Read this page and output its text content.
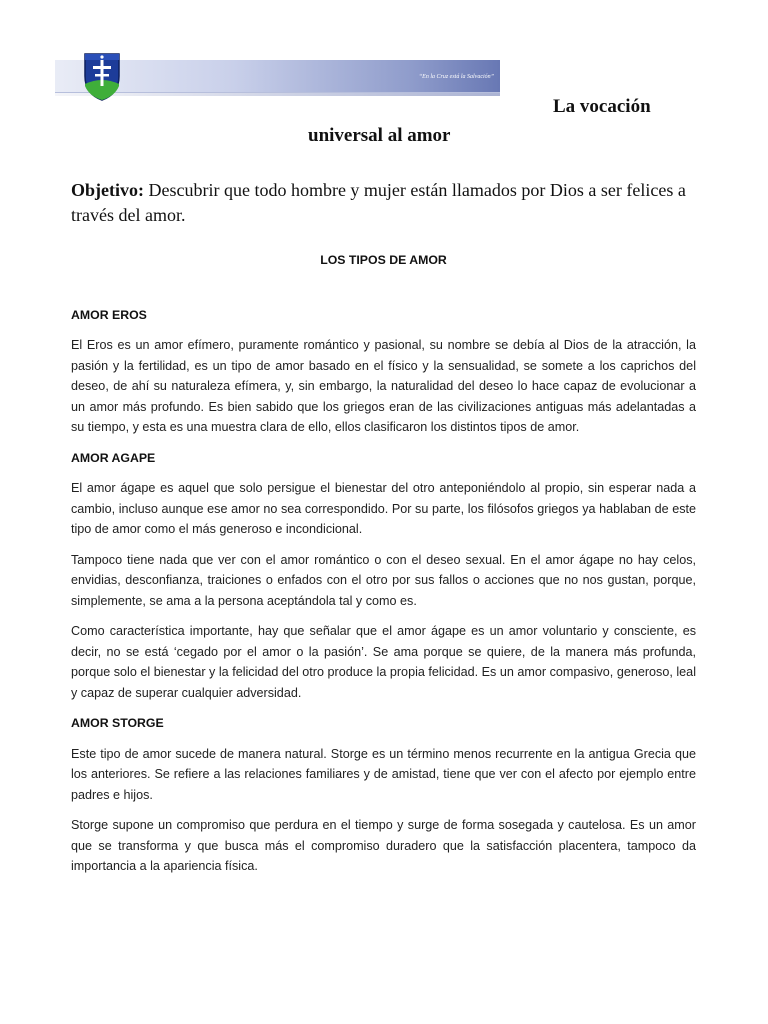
“En la Cruz está la Salvación”

La vocación

universal al amor

Objetivo: Descubrir que todo hombre y mujer están llamados por Dios a ser felices a través del amor.

LOS TIPOS DE AMOR

AMOR EROS

El Eros es un amor efímero, puramente romántico y pasional, su nombre se debía al Dios de la atracción, la pasión y la fertilidad, es un tipo de amor basado en el físico y la sensualidad, se somete a los caprichos del deseo, de ahí su naturaleza efímera, y, sin embargo, la naturalidad del deseo lo hace capaz de evolucionar a un amor más profundo. Es bien sabido que los griegos eran de las civilizaciones antiguas más adelantadas a su tiempo, y esta es una muestra clara de ello, ellos clasificaron los distintos tipos de amor.

AMOR AGAPE

El amor ágape es aquel que solo persigue el bienestar del otro anteponiéndolo al propio, sin esperar nada a cambio, incluso aunque ese amor no sea correspondido. Por su parte, los filósofos griegos ya hablaban de este tipo de amor como el más generoso e incondicional.

Tampoco tiene nada que ver con el amor romántico o con el deseo sexual. En el amor ágape no hay celos, envidias, desconfianza, traiciones o enfados con el otro por sus fallos o acciones que no nos gustan, porque, simplemente, se ama a la persona aceptándola tal y como es.

Como característica importante, hay que señalar que el amor ágape es un amor voluntario y consciente, es decir, no se está ‘cegado por el amor o la pasión’. Se ama porque se quiere, de la manera más profunda, porque solo el bienestar y la felicidad del otro produce la propia felicidad. Es un amor compasivo, generoso, leal y capaz de superar cualquier adversidad.

AMOR STORGE

Este tipo de amor sucede de manera natural. Storge es un término menos recurrente en la antigua Grecia que los anteriores. Se refiere a las relaciones familiares y de amistad, tiene que ver con el afecto por ejemplo entre padres e hijos.

Storge supone un compromiso que perdura en el tiempo y surge de forma sosegada y cautelosa. Es un amor que se transforma y que busca más el compromiso duradero que la satisfacción placentera, tampoco da importancia a la apariencia física.
